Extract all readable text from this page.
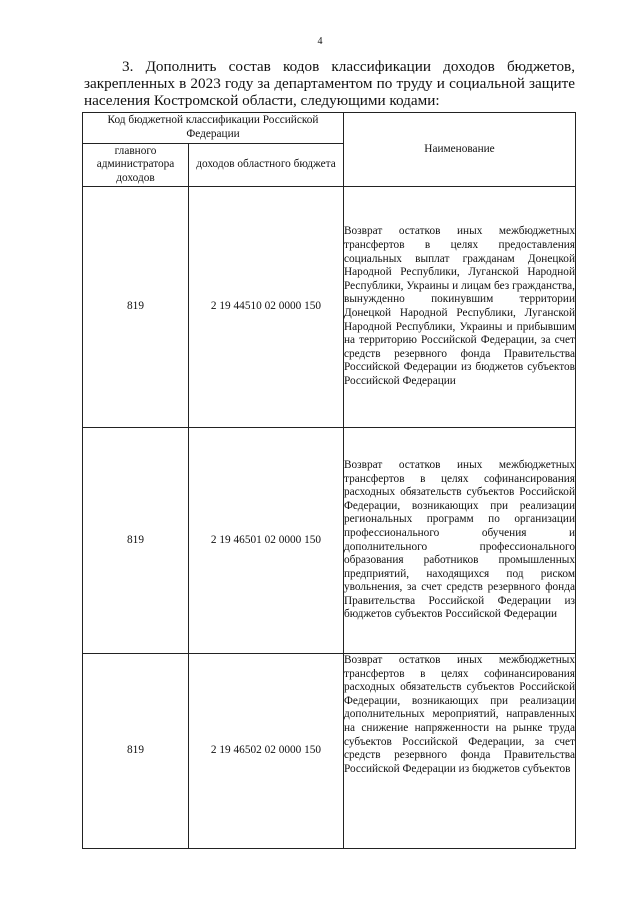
4

3. Дополнить состав кодов классификации доходов бюджетов, закрепленных в 2023 году за департаментом по труду и социальной защите населения Костромской области, следующими кодами:

Код бюджетной классификации Российской Федерации		Наименование
главного администратора доходов	доходов областного бюджета	
819	2 19 44510 02 0000 150	Возврат остатков иных межбюджетных трансфертов в целях предоставления социальных выплат гражданам Донецкой Народной Республики, Луганской Народной Республики, Украины и лицам без гражданства, вынужденно покинувшим территории Донецкой Народной Республики, Луганской Народной Республики, Украины и прибывшим на территорию Российской Федерации, за счет средств резервного фонда Правительства Российской Федерации из бюджетов субъектов Российской Федерации
819	2 19 46501 02 0000 150	Возврат остатков иных межбюджетных трансфертов в целях софинансирования расходных обязательств субъектов Российской Федерации, возникающих при реализации региональных программ по организации профессионального обучения и дополнительного профессионального образования работников промышленных предприятий, находящихся под риском увольнения, за счет средств резервного фонда Правительства Российской Федерации из бюджетов субъектов Российской Федерации
819	2 19 46502 02 0000 150	Возврат остатков иных межбюджетных трансфертов в целях софинансирования расходных обязательств субъектов Российской Федерации, возникающих при реализации дополнительных мероприятий, направленных на снижение напряженности на рынке труда субъектов Российской Федерации, за счет средств резервного фонда Правительства Российской Федерации из бюджетов субъектов
